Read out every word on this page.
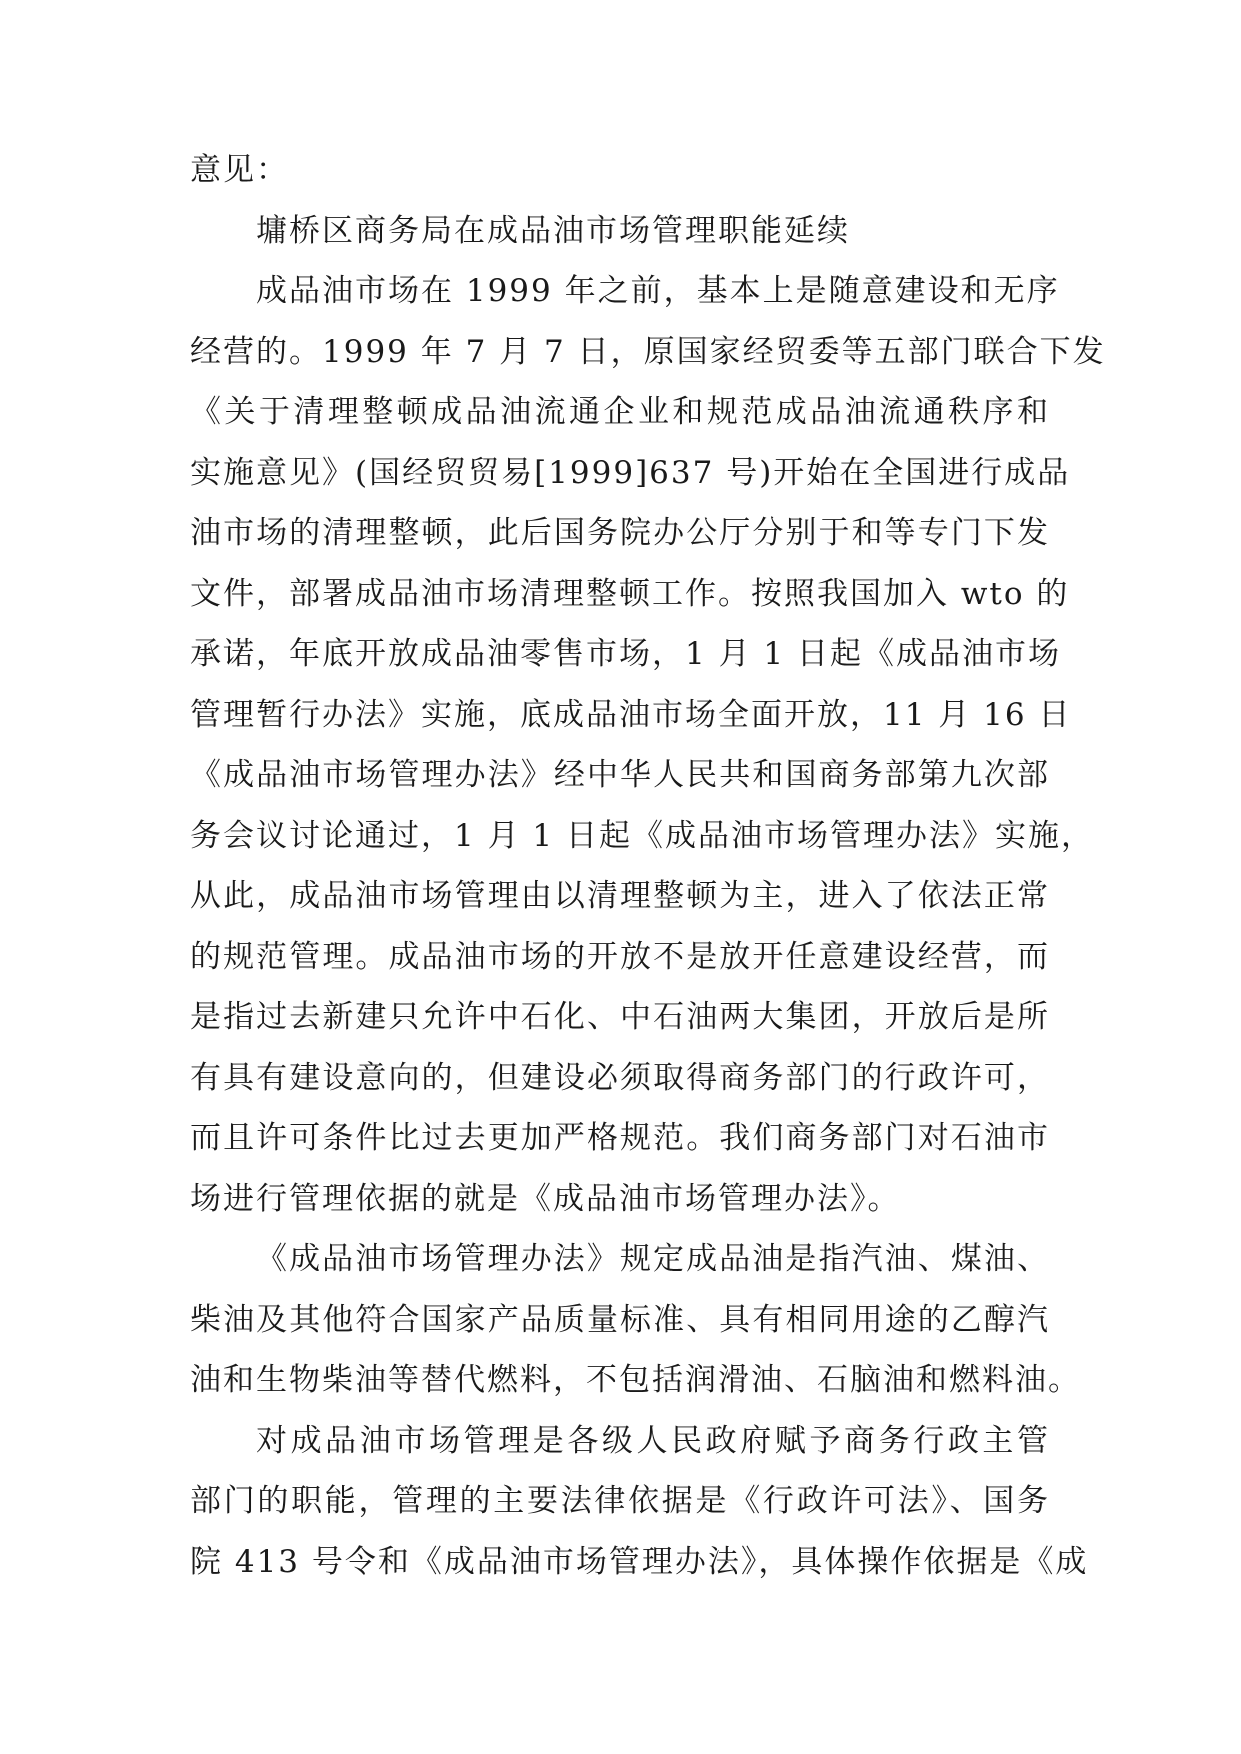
意见：
墉桥区商务局在成品油市场管理职能延续
成品油市场在 1999 年之前，基本上是随意建设和无序
经营的。1999 年 7 月 7 日，原国家经贸委等五部门联合下发
《关于清理整顿成品油流通企业和规范成品油流通秩序和
实施意见》(国经贸贸易[1999]637 号)开始在全国进行成品
油市场的清理整顿，此后国务院办公厅分别于和等专门下发
文件，部署成品油市场清理整顿工作。按照我国加入 wto 的
承诺，年底开放成品油零售市场，1 月 1 日起《成品油市场
管理暂行办法》实施，底成品油市场全面开放，11 月 16 日
《成品油市场管理办法》经中华人民共和国商务部第九次部
务会议讨论通过，1 月 1 日起《成品油市场管理办法》实施，
从此，成品油市场管理由以清理整顿为主，进入了依法正常
的规范管理。成品油市场的开放不是放开任意建设经营，而
是指过去新建只允许中石化、中石油两大集团，开放后是所
有具有建设意向的，但建设必须取得商务部门的行政许可，
而且许可条件比过去更加严格规范。我们商务部门对石油市
场进行管理依据的就是《成品油市场管理办法》。
《成品油市场管理办法》规定成品油是指汽油、煤油、
柴油及其他符合国家产品质量标准、具有相同用途的乙醇汽
油和生物柴油等替代燃料，不包括润滑油、石脑油和燃料油。
对成品油市场管理是各级人民政府赋予商务行政主管
部门的职能，管理的主要法律依据是《行政许可法》、国务
院 413 号令和《成品油市场管理办法》，具体操作依据是《成
